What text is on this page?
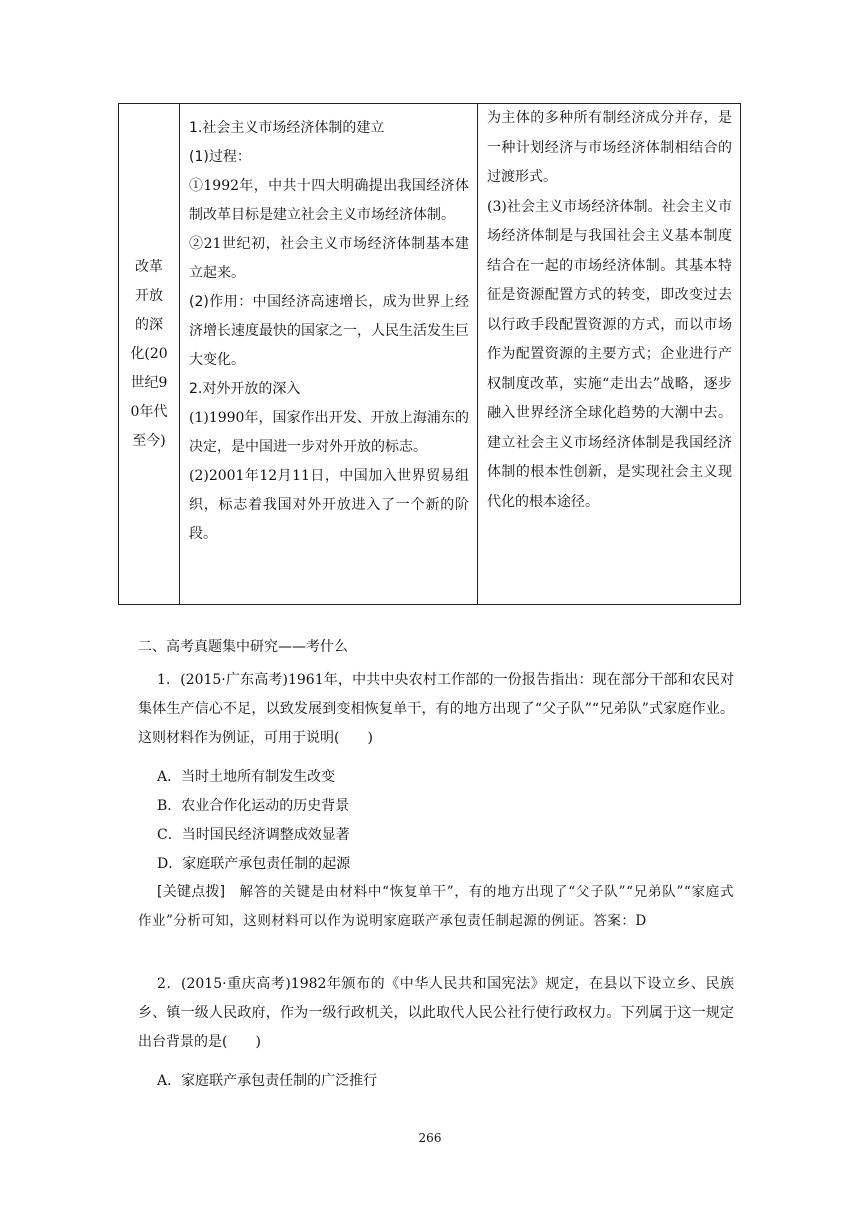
改革开放的深化(20世纪90年代至今)

1.社会主义市场经济体制的建立

(1)过程：

①1992年，中共十四大明确提出我国经济体制改革目标是建立社会主义市场经济体制。

②21世纪初，社会主义市场经济体制基本建立起来。

(2)作用：中国经济高速增长，成为世界上经济增长速度最快的国家之一，人民生活发生巨大变化。

2.对外开放的深入

(1)1990年，国家作出开发、开放上海浦东的决定，是中国进一步对外开放的标志。

(2)2001年12月11日，中国加入世界贸易组织，标志着我国对外开放进入了一个新的阶段。

为主体的多种所有制经济成分并存，是一种计划经济与市场经济体制相结合的过渡形式。

(3)社会主义市场经济体制。社会主义市场经济体制是与我国社会主义基本制度结合在一起的市场经济体制。其基本特征是资源配置方式的转变，即改变过去以行政手段配置资源的方式，而以市场作为配置资源的主要方式；企业进行产权制度改革，实施“走出去”战略，逐步融入世界经济全球化趋势的大潮中去。建立社会主义市场经济体制是我国经济体制的根本性创新，是实现社会主义现代化的根本途径。

二、高考真题集中研究——考什么
1．(2015·广东高考)1961年，中共中央农村工作部的一份报告指出：现在部分干部和农民对集体生产信心不足，以致发展到变相恢复单干，有的地方出现了“父子队”“兄弟队”式家庭作业。这则材料作为例证，可用于说明(　　)
A．当时土地所有制发生改变
B．农业合作化运动的历史背景
C．当时国民经济调整成效显著
D．家庭联产承包责任制的起源
[关键点拨]　解答的关键是由材料中“恢复单干”，有的地方出现了“父子队”“兄弟队”“家庭式作业”分析可知，这则材料可以作为说明家庭联产承包责任制起源的例证。答案：D
2．(2015·重庆高考)1982年颁布的《中华人民共和国宪法》规定，在县以下设立乡、民族乡、镇一级人民政府，作为一级行政机关，以此取代人民公社行使行政权力。下列属于这一规定出台背景的是(　　)
A．家庭联产承包责任制的广泛推行
266
